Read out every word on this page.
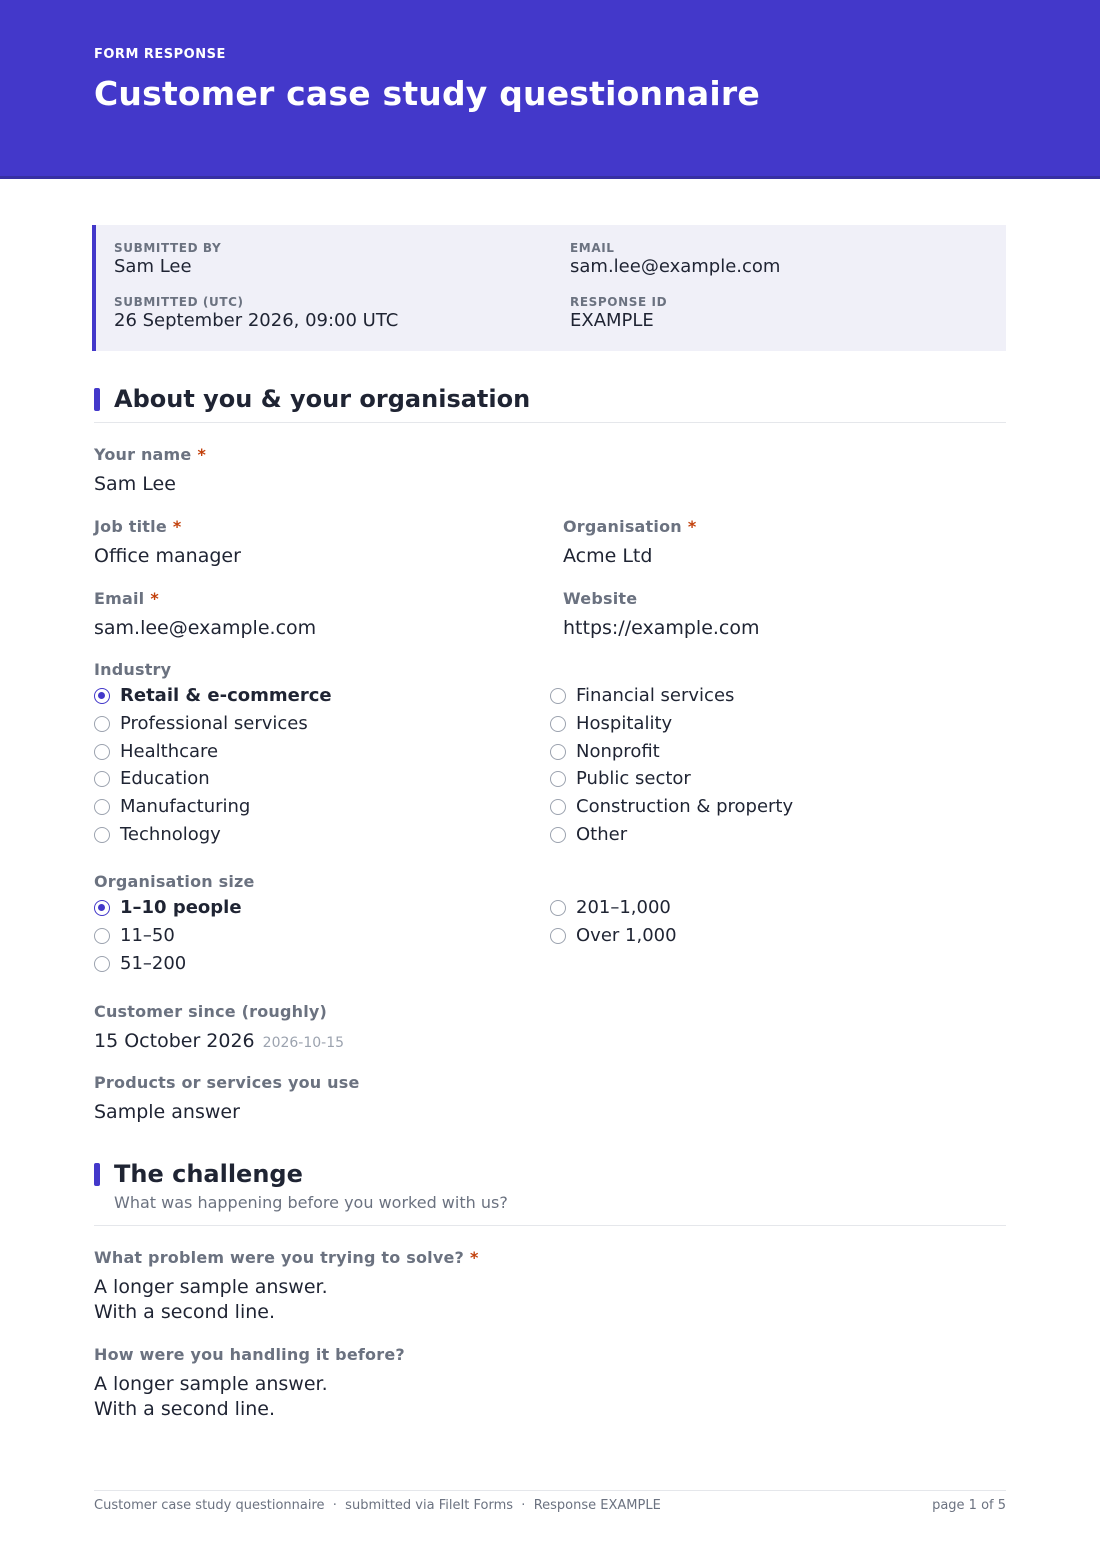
FORM RESPONSE
Customer case study questionnaire
SUBMITTED BY
Sam Lee
EMAIL
sam.lee@example.com
SUBMITTED (UTC)
26 September 2026, 09:00 UTC
RESPONSE ID
EXAMPLE
About you & your organisation
Your name *
Sam Lee
Job title *
Office manager
Organisation *
Acme Ltd
Email *
sam.lee@example.com
Website
https://example.com
Industry
Retail & e-commerce
Professional services
Healthcare
Education
Manufacturing
Technology
Financial services
Hospitality
Nonprofit
Public sector
Construction & property
Other
Organisation size
1–10 people
11–50
51–200
201–1,000
Over 1,000
Customer since (roughly)
15 October 2026 2026-10-15
Products or services you use
Sample answer
The challenge
What was happening before you worked with us?
What problem were you trying to solve? *
A longer sample answer.
With a second line.
How were you handling it before?
A longer sample answer.
With a second line.
Customer case study questionnaire  ·  submitted via FileIt Forms  ·  Response EXAMPLE	page 1 of 5
